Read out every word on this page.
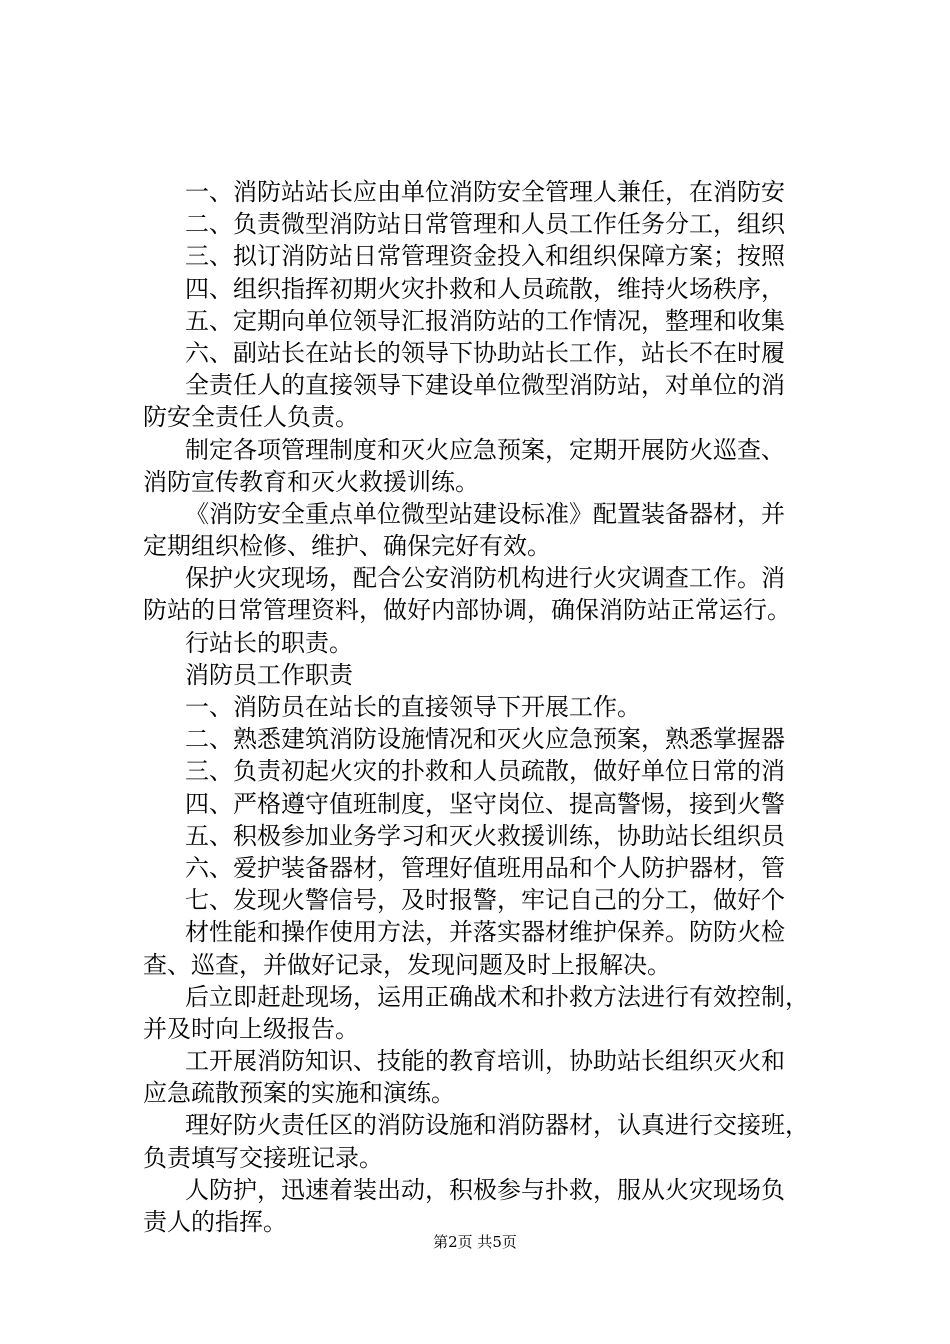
一、消防站站长应由单位消防安全管理人兼任，在消防安
二、负责微型消防站日常管理和人员工作任务分工，组织
三、拟订消防站日常管理资金投入和组织保障方案；按照
四、组织指挥初期火灾扑救和人员疏散，维持火场秩序，
五、定期向单位领导汇报消防站的工作情况，整理和收集
六、副站长在站长的领导下协助站长工作，站长不在时履
全责任人的直接领导下建设单位微型消防站，对单位的消
防安全责任人负责。
制定各项管理制度和灭火应急预案，定期开展防火巡查、
消防宣传教育和灭火救援训练。
《消防安全重点单位微型站建设标准》配置装备器材，并
定期组织检修、维护、确保完好有效。
保护火灾现场，配合公安消防机构进行火灾调查工作。消
防站的日常管理资料，做好内部协调，确保消防站正常运行。
行站长的职责。
消防员工作职责
一、消防员在站长的直接领导下开展工作。
二、熟悉建筑消防设施情况和灭火应急预案，熟悉掌握器
三、负责初起火灾的扑救和人员疏散，做好单位日常的消
四、严格遵守值班制度，坚守岗位、提高警惕，接到火警
五、积极参加业务学习和灭火救援训练，协助站长组织员
六、爱护装备器材，管理好值班用品和个人防护器材，管
七、发现火警信号，及时报警，牢记自己的分工，做好个
材性能和操作使用方法，并落实器材维护保养。防防火检
查、巡查，并做好记录，发现问题及时上报解决。
后立即赶赴现场，运用正确战术和扑救方法进行有效控制，
并及时向上级报告。
工开展消防知识、技能的教育培训，协助站长组织灭火和
应急疏散预案的实施和演练。
理好防火责任区的消防设施和消防器材，认真进行交接班，
负责填写交接班记录。
人防护，迅速着装出动，积极参与扑救，服从火灾现场负
责人的指挥。
第2页 共5页
